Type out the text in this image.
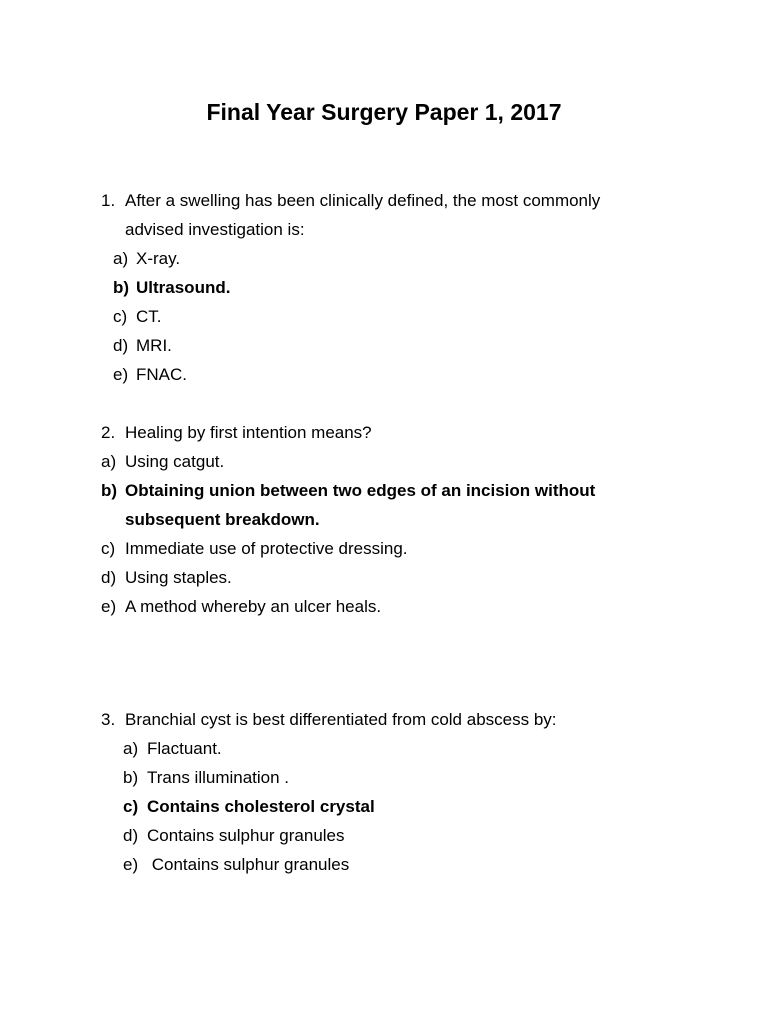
Final Year Surgery Paper 1, 2017
1. After a swelling has been clinically defined, the most commonly
advised investigation is:
a) X-ray.
b) Ultrasound.
c) CT.
d) MRI.
e) FNAC.
2. Healing by first intention means?
a) Using catgut.
b) Obtaining union between two edges of an incision without
subsequent breakdown.
c) Immediate use of protective dressing.
d) Using staples.
e) A method whereby an ulcer heals.
3. Branchial cyst is best differentiated from cold abscess by:
a) Flactuant.
b) Trans illumination .
c) Contains cholesterol crystal
d) Contains sulphur granules
e) Contains sulphur granules
